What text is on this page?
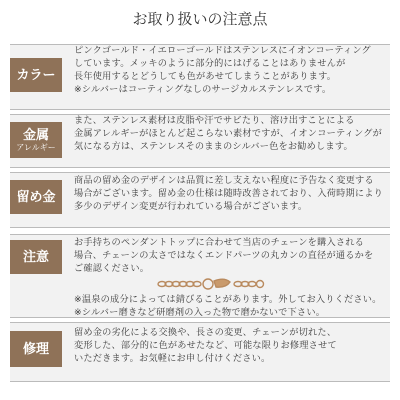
お取り扱いの注意点
カラー

ピンクゴールド・イエローゴールドはステンレスにイオンコーティング

しています。メッキのように部分的にはげることはありませんが

長年使用するとどうしても色があせてしまうことがあります。

※シルバーはコーティングなしのサージカルステンレスです。

金属
アレルギー

また、ステンレス素材は皮脂や汗でサビたり、溶け出すことによる

金属アレルギーがほとんど起こらない素材ですが、イオンコーティングが

気になる方は、ステンレスそのままのシルバー色をお勧めします。

留め金

商品の留め金のデザインは品質に差し支えない程度に予告なく変更する

場合がございます。留め金の仕様は随時改善されており、入荷時期により

多少のデザイン変更が行われている場合がございます。

注意

お手持ちのペンダントトップに合わせて当店のチェーンを購入される

場合、チェーンの太さではなくエンドパーツの丸カンの直径が通るかを

ご確認ください。

※温泉の成分によっては錆びることがあります。外してお入りください。

※シルバー磨きなど研磨剤の入った物で磨かないで下さい。

修理

留め金の劣化による交換や、長さの変更、チェーンが切れた、

変形した、部分的に色があせたなど、可能な限りお修理させて

いただきます。お気軽にお申し付けください。
